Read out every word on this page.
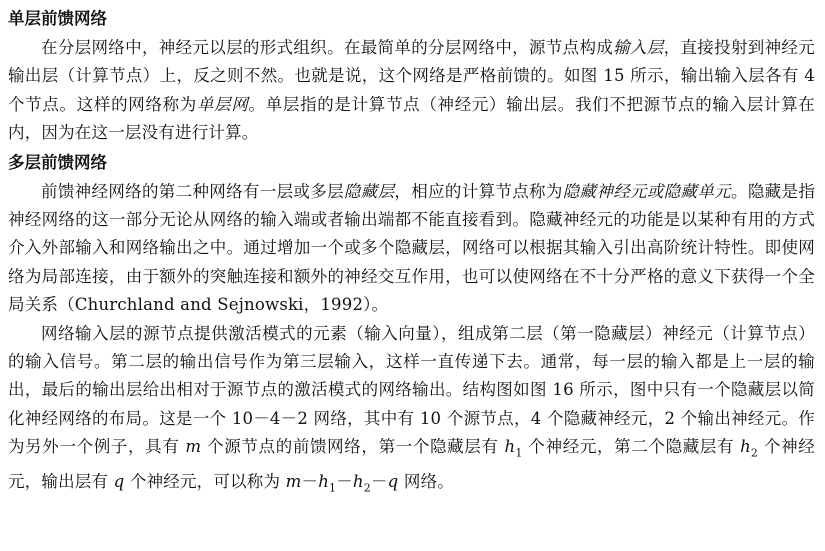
单层前馈网络

在分层网络中，神经元以层的形式组织。在最简单的分层网络中，源节点构成输入层，直接投射到神经元输出层（计算节点）上，反之则不然。也就是说，这个网络是严格前馈的。如图 15 所示，输出输入层各有 4 个节点。这样的网络称为单层网。单层指的是计算节点（神经元）输出层。我们不把源节点的输入层计算在内，因为在这一层没有进行计算。

多层前馈网络

前馈神经网络的第二种网络有一层或多层隐藏层，相应的计算节点称为隐藏神经元或隐藏单元。隐藏是指神经网络的这一部分无论从网络的输入端或者输出端都不能直接看到。隐藏神经元的功能是以某种有用的方式介入外部输入和网络输出之中。通过增加一个或多个隐藏层，网络可以根据其输入引出高阶统计特性。即使网络为局部连接，由于额外的突触连接和额外的神经交互作用，也可以使网络在不十分严格的意义下获得一个全局关系（Churchland and Sejnowski，1992）。

网络输入层的源节点提供激活模式的元素（输入向量），组成第二层（第一隐藏层）神经元（计算节点）的输入信号。第二层的输出信号作为第三层输入，这样一直传递下去。通常，每一层的输入都是上一层的输出，最后的输出层给出相对于源节点的激活模式的网络输出。结构图如图 16 所示，图中只有一个隐藏层以简化神经网络的布局。这是一个 10－4－2 网络，其中有 10 个源节点，4 个隐藏神经元，2 个输出神经元。作为另外一个例子，具有 m 个源节点的前馈网络，第一个隐藏层有 $h_1$ 个神经元，第二个隐藏层有 $h_2$ 个神经元，输出层有 q 个神经元，可以称为 $m-h_1-h_2-q$ 网络。
